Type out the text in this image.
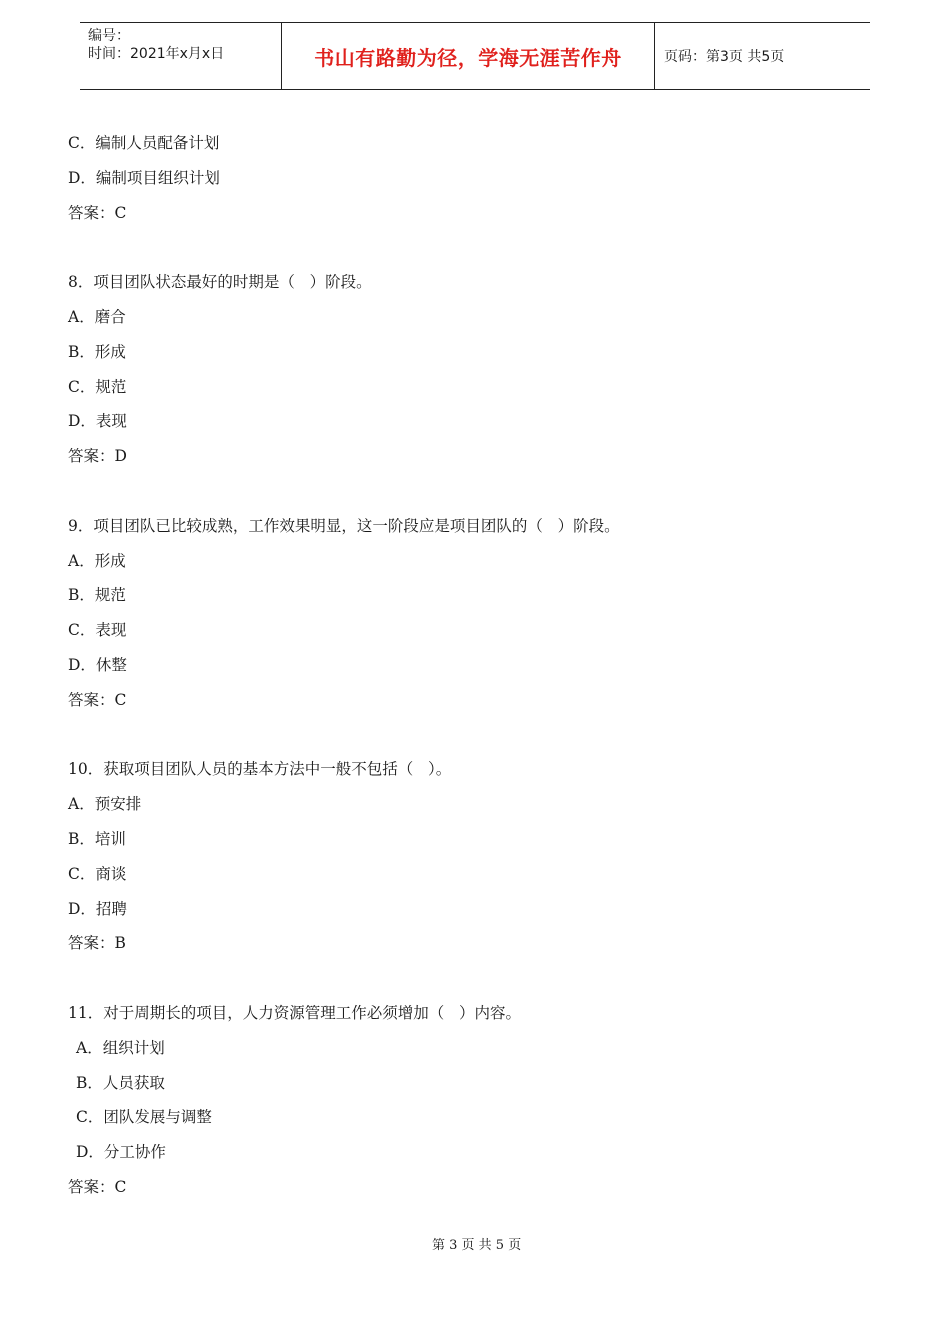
编号：
时间：2021年x月x日	书山有路勤为径，学海无涯苦作舟	页码：第3页 共5页
C．编制人员配备计划
D．编制项目组织计划
答案：C
8．项目团队状态最好的时期是（   ）阶段。
A．磨合
B．形成
C．规范
D．表现
答案：D
9．项目团队已比较成熟，工作效果明显，这一阶段应是项目团队的（   ）阶段。
A．形成
B．规范
C．表现
D．休整
答案：C
10．获取项目团队人员的基本方法中一般不包括（   ）。
A．预安排
B．培训
C．商谈
D．招聘
答案：B
11．对于周期长的项目，人力资源管理工作必须增加（   ）内容。
A．组织计划
B．人员获取
C．团队发展与调整
D．分工协作
答案：C
第 3 页 共 5 页
